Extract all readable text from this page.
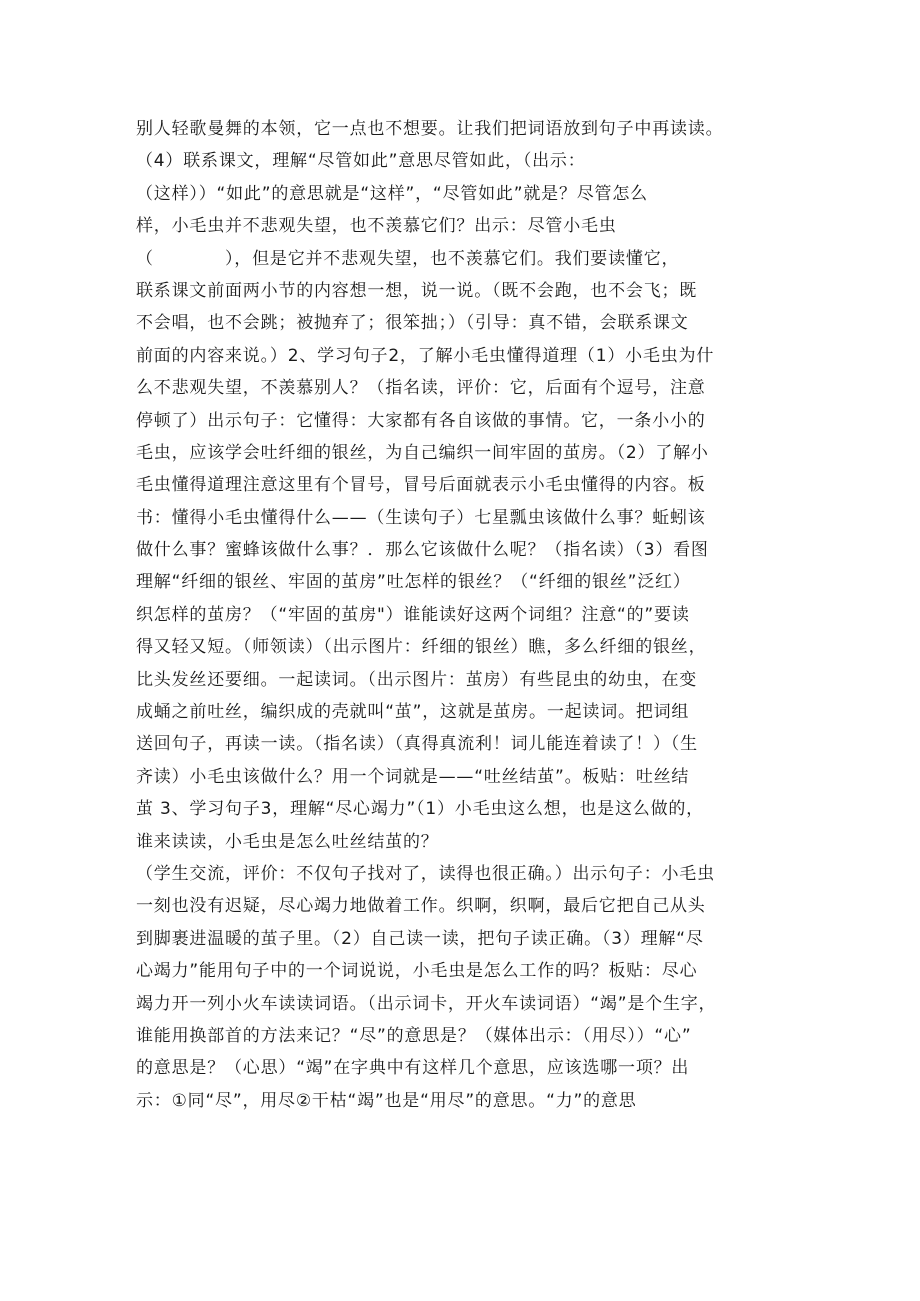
别人轻歌曼舞的本领，它一点也不想要。让我们把词语放到句子中再读读。
（4）联系课文，理解“尽管如此”意思尽管如此，（出示：
（这样））“如此”的意思就是“这样”，“尽管如此”就是？尽管怎么
样，小毛虫并不悲观失望，也不羡慕它们？出示：尽管小毛虫
（　　　　），但是它并不悲观失望，也不羡慕它们。我们要读懂它，
联系课文前面两小节的内容想一想，说一说。（既不会跑，也不会飞；既
不会唱，也不会跳；被抛弃了；很笨拙；）（引导：真不错，会联系课文
前面的内容来说。）2、学习句子2，了解小毛虫懂得道理（1）小毛虫为什
么不悲观失望，不羡慕别人？（指名读，评价：它，后面有个逗号，注意
停顿了）出示句子：它懂得：大家都有各自该做的事情。它，一条小小的
毛虫，应该学会吐纤细的银丝，为自己编织一间牢固的茧房。（2）了解小
毛虫懂得道理注意这里有个冒号，冒号后面就表示小毛虫懂得的内容。板
书：懂得小毛虫懂得什么——（生读句子）七星瓢虫该做什么事？蚯蚓该
做什么事？蜜蜂该做什么事？．那么它该做什么呢？（指名读）（3）看图
理解“纤细的银丝、牢固的茧房”吐怎样的银丝？（“纤细的银丝”泛红）
织怎样的茧房？（“牢固的茧房"）谁能读好这两个词组？注意“的”要读
得又轻又短。（师领读）（出示图片：纤细的银丝）瞧，多么纤细的银丝，
比头发丝还要细。一起读词。（出示图片：茧房）有些昆虫的幼虫，在变
成蛹之前吐丝，编织成的壳就叫“茧”，这就是茧房。一起读词。把词组
送回句子，再读一读。（指名读）（真得真流利！词儿能连着读了！）（生
齐读）小毛虫该做什么？用一个词就是——“吐丝结茧”。板贴：吐丝结
茧 3、学习句子3，理解“尽心竭力”（1）小毛虫这么想，也是这么做的，
谁来读读，小毛虫是怎么吐丝结茧的？
（学生交流，评价：不仅句子找对了，读得也很正确。）出示句子：小毛虫
一刻也没有迟疑，尽心竭力地做着工作。织啊，织啊，最后它把自己从头
到脚裹进温暖的茧子里。（2）自己读一读，把句子读正确。（3）理解“尽
心竭力”能用句子中的一个词说说，小毛虫是怎么工作的吗？板贴：尽心
竭力开一列小火车读读词语。（出示词卡，开火车读词语）“竭”是个生字，
谁能用换部首的方法来记？“尽”的意思是？（媒体出示：（用尽））“心”
的意思是？（心思）“竭”在字典中有这样几个意思，应该选哪一项？出
示：①同“尽”，用尽②干枯“竭”也是“用尽”的意思。“力”的意思
